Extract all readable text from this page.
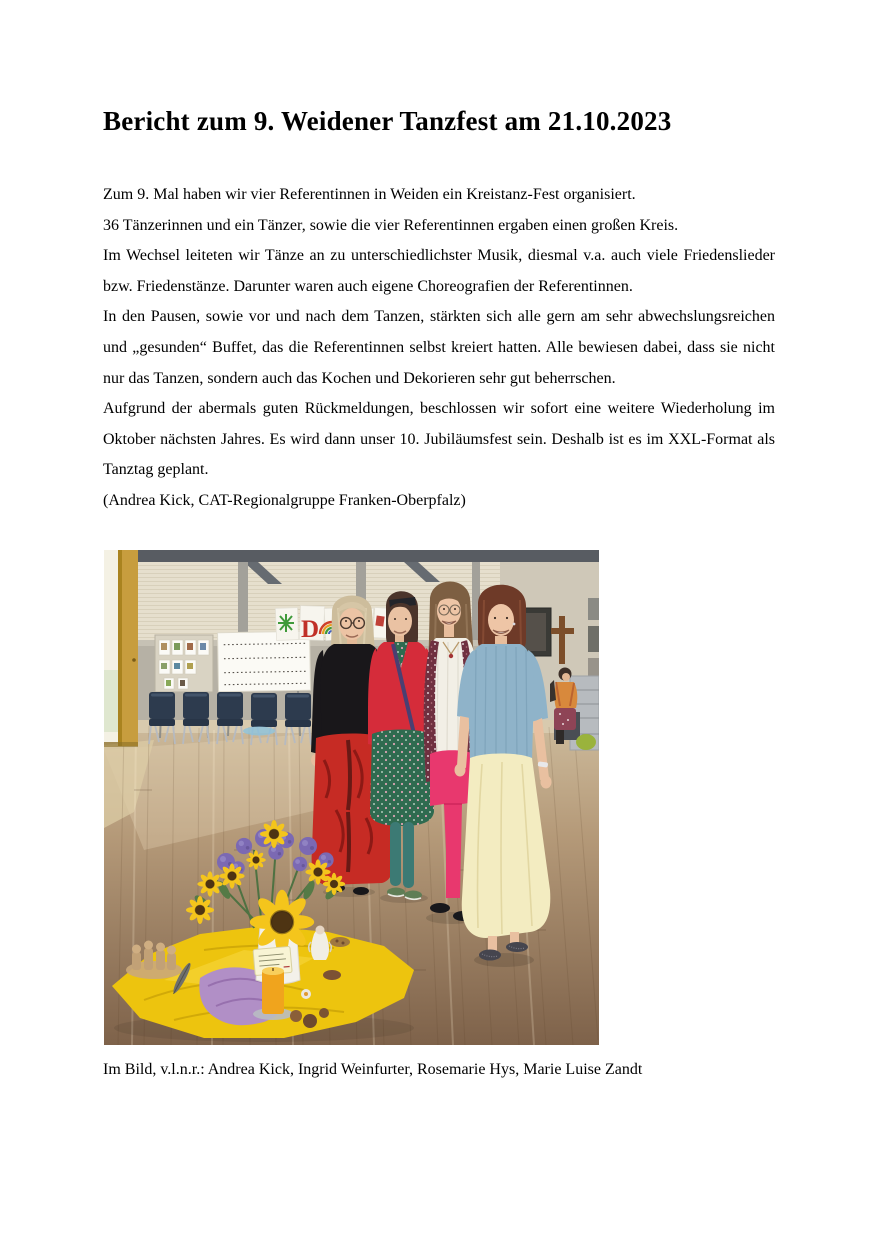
Bericht zum 9. Weidener Tanzfest am 21.10.2023

Zum 9. Mal haben wir vier Referentinnen in Weiden ein Kreistanz-Fest organisiert.

36 Tänzerinnen und ein Tänzer, sowie die vier Referentinnen ergaben einen großen Kreis.

Im Wechsel leiteten wir Tänze an zu unterschiedlichster Musik, diesmal v.a. auch viele Friedenslieder bzw. Friedenstänze. Darunter waren auch eigene Choreografien der Referentinnen.

In den Pausen, sowie vor und nach dem Tanzen, stärkten sich alle gern am sehr abwechslungsreichen und „gesunden“ Buffet, das die Referentinnen selbst kreiert hatten. Alle bewiesen dabei, dass sie nicht nur das Tanzen, sondern auch das Kochen und Dekorieren sehr gut beherrschen.

Aufgrund der abermals guten Rückmeldungen, beschlossen wir sofort eine weitere Wiederholung im Oktober nächsten Jahres. Es wird dann unser 10. Jubiläumsfest sein. Deshalb ist es im XXL-Format als Tanztag geplant.

(Andrea Kick, CAT-Regionalgruppe Franken-Oberpfalz)

D

Im Bild, v.l.n.r.: Andrea Kick, Ingrid Weinfurter, Rosemarie Hys, Marie Luise Zandt
